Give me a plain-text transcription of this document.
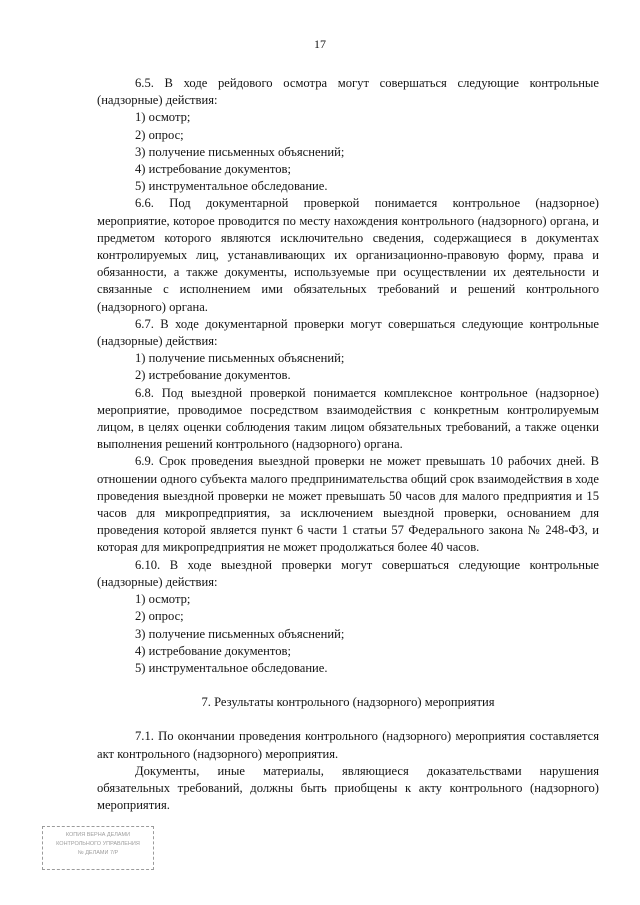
17

6.5. В ходе рейдового осмотра могут совершаться следующие контрольные (надзорные) действия:

1) осмотр;

2) опрос;

3) получение письменных объяснений;

4) истребование документов;

5) инструментальное обследование.

6.6. Под документарной проверкой понимается контрольное (надзорное) мероприятие, которое проводится по месту нахождения контрольного (надзорного) органа, и предметом которого являются исключительно сведения, содержащиеся в документах контролируемых лиц, устанавливающих их организационно-правовую форму, права и обязанности, а также документы, используемые при осуществлении их деятельности и связанные с исполнением ими обязательных требований и решений контрольного (надзорного) органа.

6.7. В ходе документарной проверки могут совершаться следующие контрольные (надзорные) действия:

1) получение письменных объяснений;

2) истребование документов.

6.8. Под выездной проверкой понимается комплексное контрольное (надзорное) мероприятие, проводимое посредством взаимодействия с конкретным контролируемым лицом, в целях оценки соблюдения таким лицом обязательных требований, а также оценки выполнения решений контрольного (надзорного) органа.

6.9. Срок проведения выездной проверки не может превышать 10 рабочих дней. В отношении одного субъекта малого предпринимательства общий срок взаимодействия в ходе проведения выездной проверки не может превышать 50 часов для малого предприятия и 15 часов для микропредприятия, за исключением выездной проверки, основанием для проведения которой является пункт 6 части 1 статьи 57 Федерального закона № 248-ФЗ, и которая для микропредприятия не может продолжаться более 40 часов.

6.10. В ходе выездной проверки могут совершаться следующие контрольные (надзорные) действия:

1) осмотр;

2) опрос;

3) получение письменных объяснений;

4) истребование документов;

5) инструментальное обследование.

7. Результаты контрольного (надзорного) мероприятия

7.1. По окончании проведения контрольного (надзорного) мероприятия составляется акт контрольного (надзорного) мероприятия.

Документы, иные материалы, являющиеся доказательствами нарушения обязательных требований, должны быть приобщены к акту контрольного (надзорного) мероприятия.

КОПИЯ ВЕРНА ДЕЛАМИ
КОНТРОЛЬНОГО УПРАВЛЕНИЯ
№ ДЕЛАМИ 7/Р
